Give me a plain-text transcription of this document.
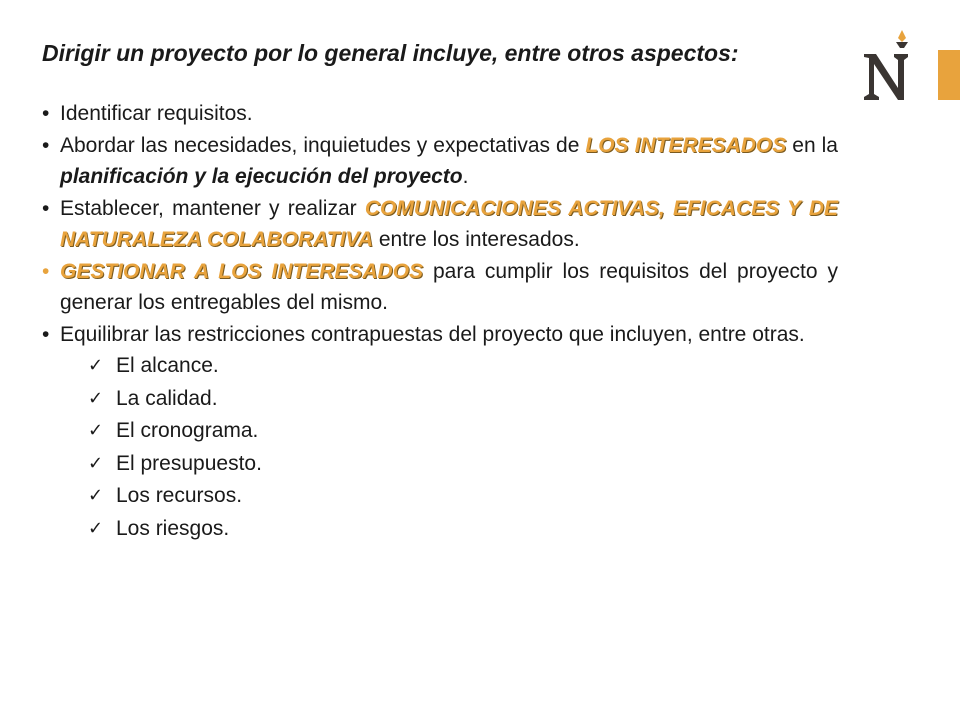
Dirigir un proyecto por lo general incluye, entre otros aspectos:

• Identificar requisitos.
• Abordar las necesidades, inquietudes y expectativas de LOS INTERESADOS en la planificación y la ejecución del proyecto.
• Establecer, mantener y realizar COMUNICACIONES ACTIVAS, EFICACES Y DE NATURALEZA COLABORATIVA entre los interesados.
• GESTIONAR A LOS INTERESADOS para cumplir los requisitos del proyecto y generar los entregables del mismo.
• Equilibrar las restricciones contrapuestas del proyecto que incluyen, entre otras.
✓ El alcance.
✓ La calidad.
✓ El cronograma.
✓ El presupuesto.
✓ Los recursos.
✓ Los riesgos.
